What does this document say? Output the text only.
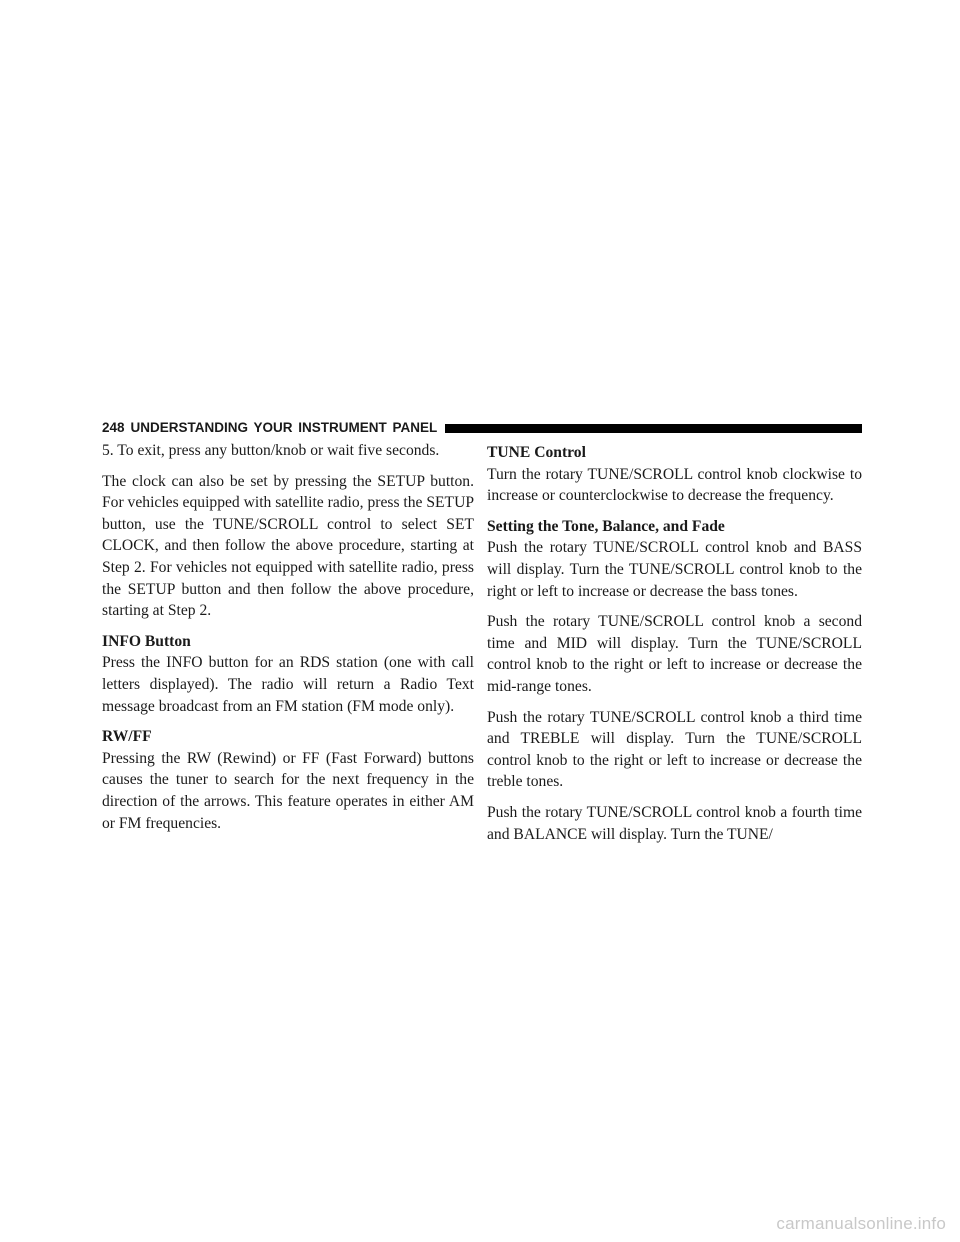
248 UNDERSTANDING YOUR INSTRUMENT PANEL

5. To exit, press any button/knob or wait five seconds.

The clock can also be set by pressing the SETUP button. For vehicles equipped with satellite radio, press the SETUP button, use the TUNE/SCROLL control to select SET CLOCK, and then follow the above procedure, starting at Step 2. For vehicles not equipped with satellite radio, press the SETUP button and then follow the above procedure, starting at Step 2.

INFO Button

Press the INFO button for an RDS station (one with call letters displayed). The radio will return a Radio Text message broadcast from an FM station (FM mode only).

RW/FF

Pressing the RW (Rewind) or FF (Fast Forward) buttons causes the tuner to search for the next frequency in the direction of the arrows. This feature operates in either AM or FM frequencies.

TUNE Control

Turn the rotary TUNE/SCROLL control knob clockwise to increase or counterclockwise to decrease the frequency.

Setting the Tone, Balance, and Fade

Push the rotary TUNE/SCROLL control knob and BASS will display. Turn the TUNE/SCROLL control knob to the right or left to increase or decrease the bass tones.

Push the rotary TUNE/SCROLL control knob a second time and MID will display. Turn the TUNE/SCROLL control knob to the right or left to increase or decrease the mid-range tones.

Push the rotary TUNE/SCROLL control knob a third time and TREBLE will display. Turn the TUNE/SCROLL control knob to the right or left to increase or decrease the treble tones.

Push the rotary TUNE/SCROLL control knob a fourth time and BALANCE will display. Turn the TUNE/

carmanualsonline.info
